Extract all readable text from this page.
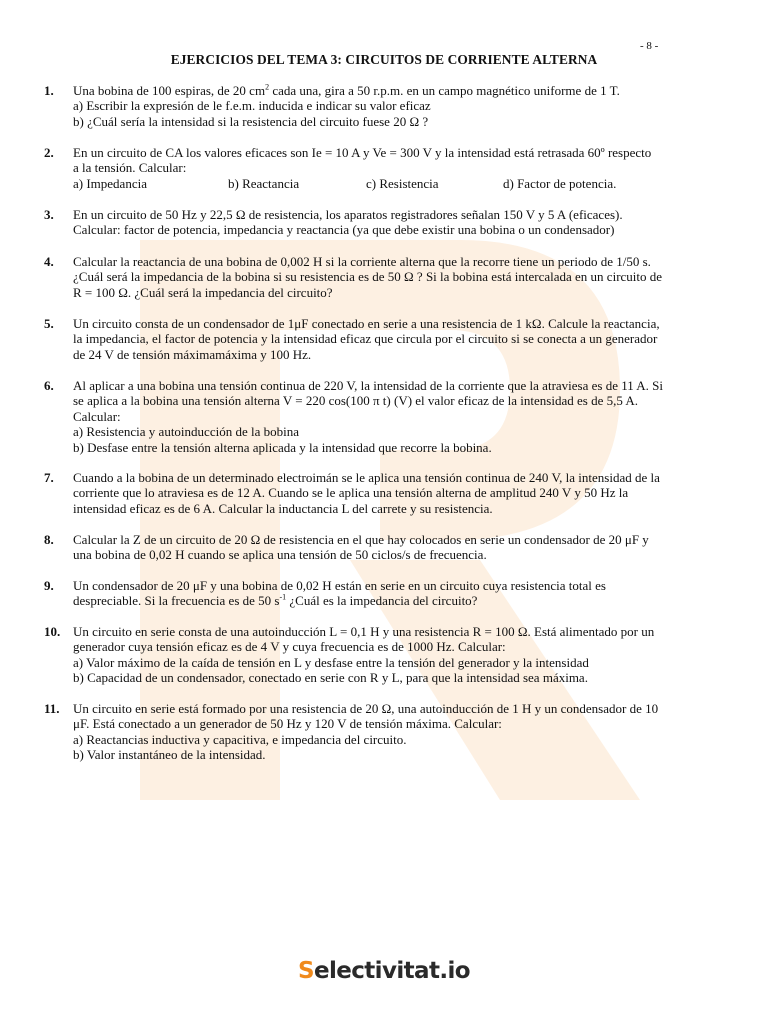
- 8 -
EJERCICIOS DEL TEMA 3: CIRCUITOS DE CORRIENTE ALTERNA
1. Una bobina de 100 espiras, de 20 $cm^2$ cada una, gira a 50 r.p.m. en un campo magnético uniforme de 1 T.

a) Escribir la expresión de le f.e.m. inducida e indicar su valor eficaz

b) ¿Cuál sería la intensidad si la resistencia del circuito fuese 20 Ω ?

2. En un circuito de CA los valores eficaces son Ie = 10 A y Ve = 300 V y la intensidad está retrasada 60º respecto

a la tensión. Calcular:

a) Impedancia	b) Reactancia	c) Resistencia	d) Factor de potencia.
3. En un circuito de 50 Hz y 22,5 Ω de resistencia, los aparatos registradores señalan 150 V y 5 A (eficaces).

Calcular: factor de potencia, impedancia y reactancia (ya que debe existir una bobina o un condensador)

4. Calcular la reactancia de una bobina de 0,002 H si la corriente alterna que la recorre tiene un periodo de 1/50 s.

¿Cuál será la impedancia de la bobina si su resistencia es de 50 Ω ? Si la bobina está intercalada en un circuito de

R = 100 Ω. ¿Cuál será la impedancia del circuito?

5. Un circuito consta de un condensador de 1μF conectado en serie a una resistencia de 1 kΩ. Calcule la reactancia,

la impedancia, el factor de potencia y la intensidad eficaz que circula por el circuito si se conecta a un generador

de 24 V de tensión máximamáxima y 100 Hz.

6. Al aplicar a una bobina una tensión continua de 220 V, la intensidad de la corriente que la atraviesa es de 11 A. Si

se aplica a la bobina una tensión alterna V = 220 cos(100 π t) (V) el valor eficaz de la intensidad es de 5,5 A.

Calcular:

a) Resistencia y autoinducción de la bobina

b) Desfase entre la tensión alterna aplicada y la intensidad que recorre la bobina.

7. Cuando a la bobina de un determinado electroimán se le aplica una tensión continua de 240 V, la intensidad de la

corriente que lo atraviesa es de 12 A. Cuando se le aplica una tensión alterna de amplitud 240 V y 50 Hz la

intensidad eficaz es de 6 A. Calcular la inductancia L del carrete y su resistencia.

8. Calcular la Z de un circuito de 20 Ω de resistencia en el que hay colocados en serie un condensador de 20 μF y

una bobina de 0,02 H cuando se aplica una tensión de 50 ciclos/s de frecuencia.

9. Un condensador de 20 μF y una bobina de 0,02 H están en serie en un circuito cuya resistencia total es

despreciable. Si la frecuencia es de 50 $s^{-1}$ ¿Cuál es la impedancia del circuito?

10. Un circuito en serie consta de una autoinducción L = 0,1 H y una resistencia R = 100 Ω. Está alimentado por un

generador cuya tensión eficaz es de 4 V y cuya frecuencia es de 1000 Hz. Calcular:

a) Valor máximo de la caída de tensión en L y desfase entre la tensión del generador y la intensidad

b) Capacidad de un condensador, conectado en serie con R y L, para que la intensidad sea máxima.

11. Un circuito en serie está formado por una resistencia de 20 Ω, una autoinducción de 1 H y un condensador de 10

μF. Está conectado a un generador de 50 Hz y 120 V de tensión máxima. Calcular:

a) Reactancias inductiva y capacitiva, e impedancia del circuito.

b) Valor instantáneo de la intensidad.

Selectivitat.io
